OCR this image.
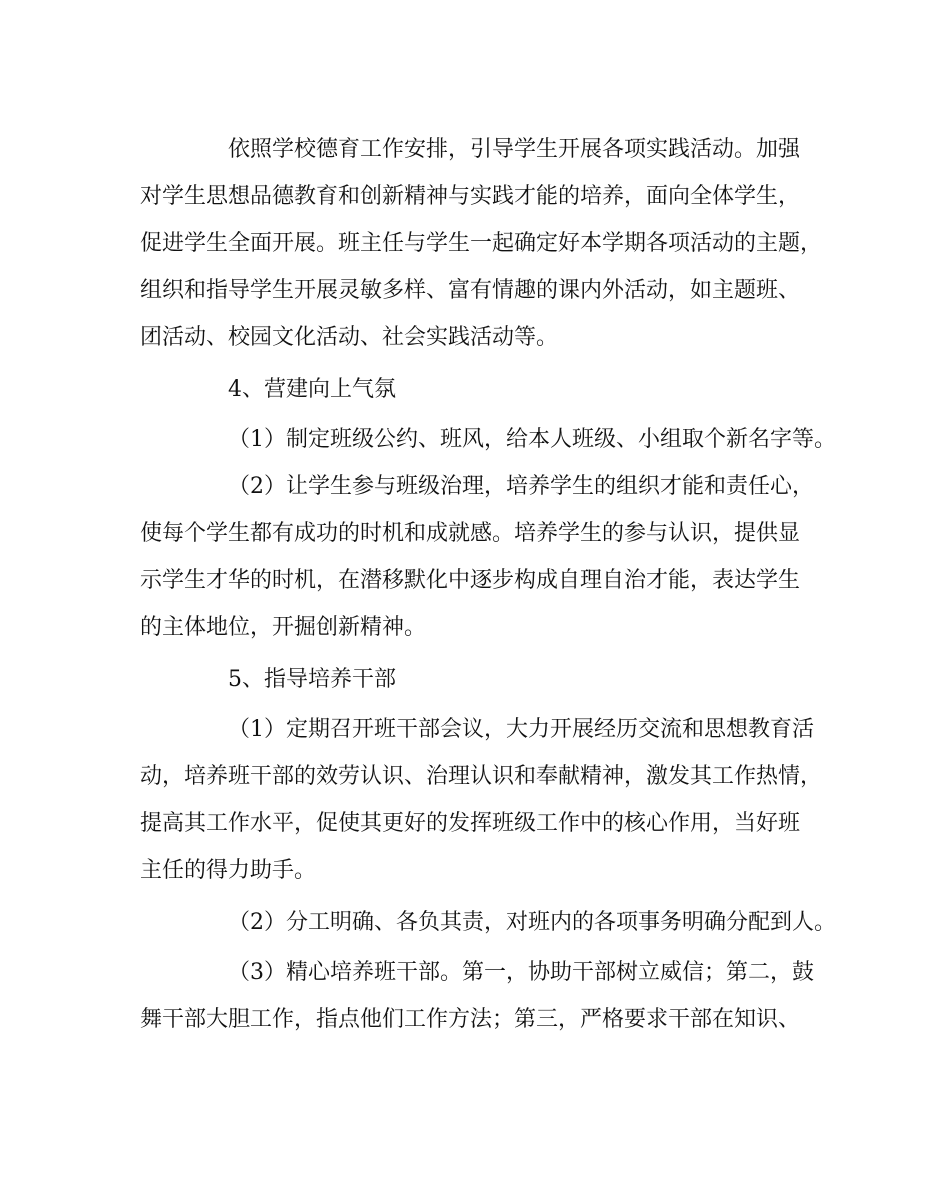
依照学校德育工作安排，引导学生开展各项实践活动。加强
对学生思想品德教育和创新精神与实践才能的培养，面向全体学生，
促进学生全面开展。班主任与学生一起确定好本学期各项活动的主题，
组织和指导学生开展灵敏多样、富有情趣的课内外活动，如主题班、
团活动、校园文化活动、社会实践活动等。
4、营建向上气氛
（1）制定班级公约、班风，给本人班级、小组取个新名字等。
（2）让学生参与班级治理，培养学生的组织才能和责任心，
使每个学生都有成功的时机和成就感。培养学生的参与认识，提供显
示学生才华的时机，在潜移默化中逐步构成自理自治才能，表达学生
的主体地位，开掘创新精神。
5、指导培养干部
（1）定期召开班干部会议，大力开展经历交流和思想教育活
动，培养班干部的效劳认识、治理认识和奉献精神，激发其工作热情，
提高其工作水平，促使其更好的发挥班级工作中的核心作用，当好班
主任的得力助手。
（2）分工明确、各负其责，对班内的各项事务明确分配到人。
（3）精心培养班干部。第一，协助干部树立威信；第二，鼓
舞干部大胆工作，指点他们工作方法；第三，严格要求干部在知识、
